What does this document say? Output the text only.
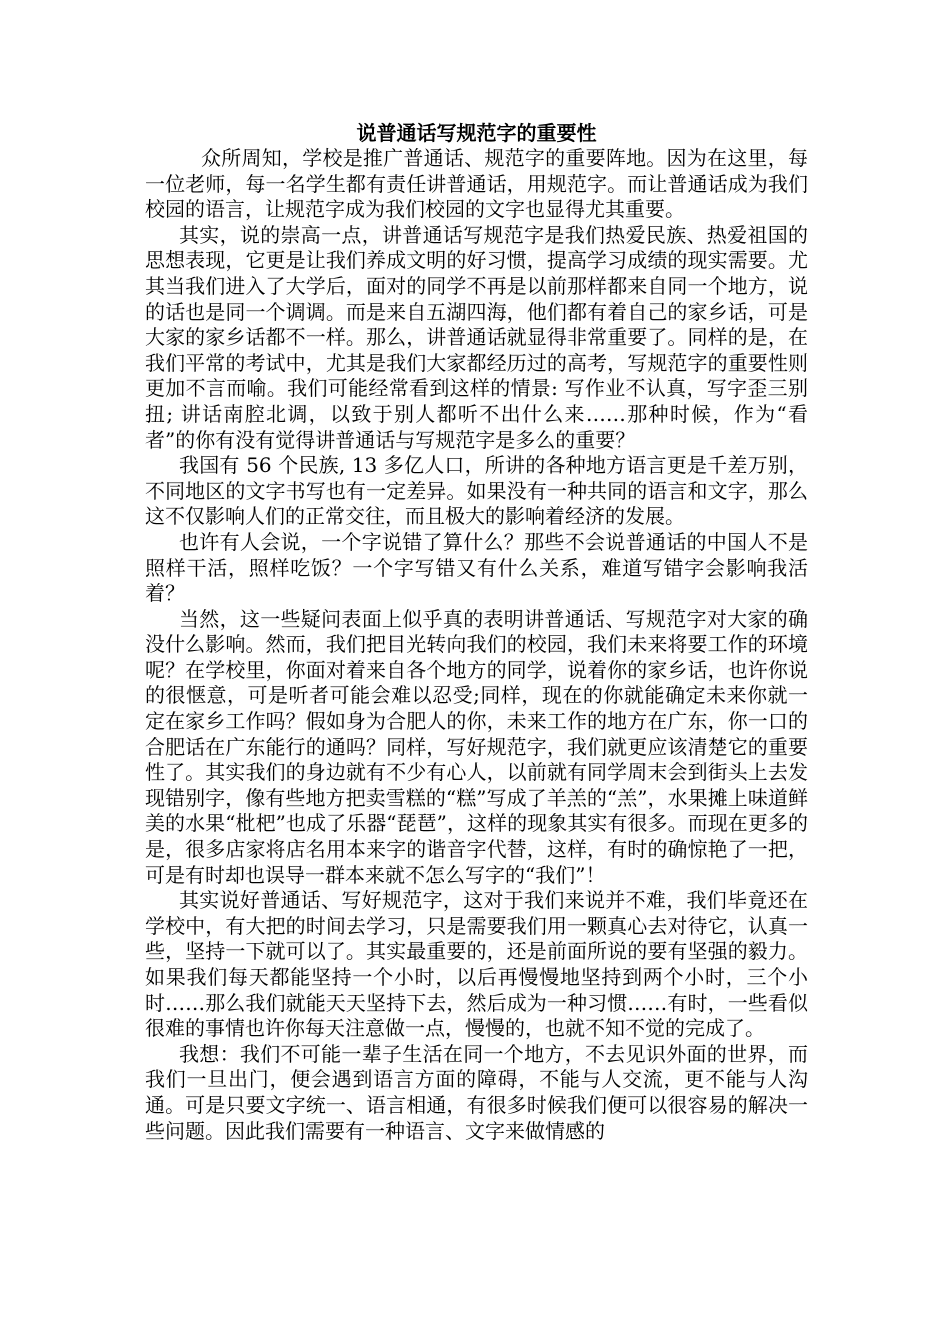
说普通话写规范字的重要性

众所周知，学校是推广普通话、规范字的重要阵地。因为在这里，每一位老师，每一名学生都有责任讲普通话，用规范字。而让普通话成为我们校园的语言，让规范字成为我们校园的文字也显得尤其重要。

其实，说的崇高一点，讲普通话写规范字是我们热爱民族、热爱祖国的思想表现，它更是让我们养成文明的好习惯，提高学习成绩的现实需要。尤其当我们进入了大学后，面对的同学不再是以前那样都来自同一个地方，说的话也是同一个调调。而是来自五湖四海，他们都有着自己的家乡话，可是大家的家乡话都不一样。那么，讲普通话就显得非常重要了。同样的是，在我们平常的考试中，尤其是我们大家都经历过的高考，写规范字的重要性则更加不言而喻。我们可能经常看到这样的情景: 写作业不认真，写字歪三别扭; 讲话南腔北调，以致于别人都听不出什么来……那种时候，作为“看者”的你有没有觉得讲普通话与写规范字是多么的重要？

我国有 56 个民族, 13 多亿人口，所讲的各种地方语言更是千差万别，不同地区的文字书写也有一定差异。如果没有一种共同的语言和文字，那么这不仅影响人们的正常交往，而且极大的影响着经济的发展。

也许有人会说，一个字说错了算什么？那些不会说普通话的中国人不是照样干活，照样吃饭？一个字写错又有什么关系，难道写错字会影响我活着？

当然，这一些疑问表面上似乎真的表明讲普通话、写规范字对大家的确没什么影响。然而，我们把目光转向我们的校园，我们未来将要工作的环境呢？在学校里，你面对着来自各个地方的同学，说着你的家乡话，也许你说的很惬意，可是听者可能会难以忍受;同样，现在的你就能确定未来你就一定在家乡工作吗？假如身为合肥人的你，未来工作的地方在广东，你一口的合肥话在广东能行的通吗？同样，写好规范字，我们就更应该清楚它的重要性了。其实我们的身边就有不少有心人，以前就有同学周末会到街头上去发现错别字，像有些地方把卖雪糕的“糕”写成了羊羔的“羔”，水果摊上味道鲜美的水果“枇杷”也成了乐器“琵琶”，这样的现象其实有很多。而现在更多的是，很多店家将店名用本来字的谐音字代替，这样，有时的确惊艳了一把，可是有时却也误导一群本来就不怎么写字的“我们”！

其实说好普通话、写好规范字，这对于我们来说并不难，我们毕竟还在学校中，有大把的时间去学习，只是需要我们用一颗真心去对待它，认真一些，坚持一下就可以了。其实最重要的，还是前面所说的要有坚强的毅力。如果我们每天都能坚持一个小时，以后再慢慢地坚持到两个小时，三个小时……那么我们就能天天坚持下去，然后成为一种习惯……有时，一些看似很难的事情也许你每天注意做一点，慢慢的，也就不知不觉的完成了。

我想：我们不可能一辈子生活在同一个地方，不去见识外面的世界，而我们一旦出门，便会遇到语言方面的障碍，不能与人交流，更不能与人沟通。可是只要文字统一、语言相通，有很多时候我们便可以很容易的解决一些问题。因此我们需要有一种语言、文字来做情感的
